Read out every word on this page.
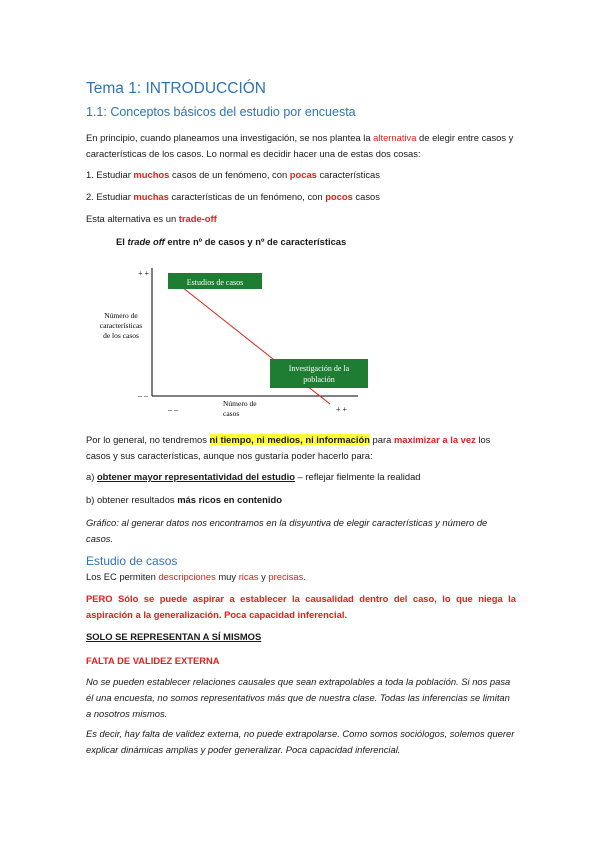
Tema 1: INTRODUCCIÓN
1.1: Conceptos básicos del estudio por encuesta

En principio, cuando planeamos una investigación, se nos plantea la alternativa de elegir entre casos y características de los casos. Lo normal es decidir hacer una de estas dos cosas:

1. Estudiar muchos casos de un fenómeno, con pocas características

2. Estudiar muchas características de un fenómeno, con pocos casos

Esta alternativa es un trade-off

El trade off entre nº de casos y nº de características
+ +
– –
– –	+ +
Número de
características
de los casos
Número de
casos
Estudios de casos
Investigación de la
población

Por lo general, no tendremos ni tiempo, ni medios, ni información para maximizar a la vez los casos y sus características, aunque nos gustaría poder hacerlo para:

a) obtener mayor representatividad del estudio – reflejar fielmente la realidad

b) obtener resultados más ricos en contenido

Gráfico: al generar datos nos encontramos en la disyuntiva de elegir características y número de casos.

Estudio de casos

Los EC permiten descripciones muy ricas y precisas.

PERO Sólo se puede aspirar a establecer la causalidad dentro del caso, lo que niega la aspiración a la generalización. Poca capacidad inferencial.

SOLO SE REPRESENTAN A SÍ MISMOS

FALTA DE VALIDEZ EXTERNA

No se pueden establecer relaciones causales que sean extrapolables a toda la población. Si nos pasa él una encuesta, no somos representativos más que de nuestra clase. Todas las inferencias se limitan a nosotros mismos.

Es decir, hay falta de validez externa, no puede extrapolarse. Como somos sociólogos, solemos querer explicar dinámicas amplias y poder generalizar. Poca capacidad inferencial.
